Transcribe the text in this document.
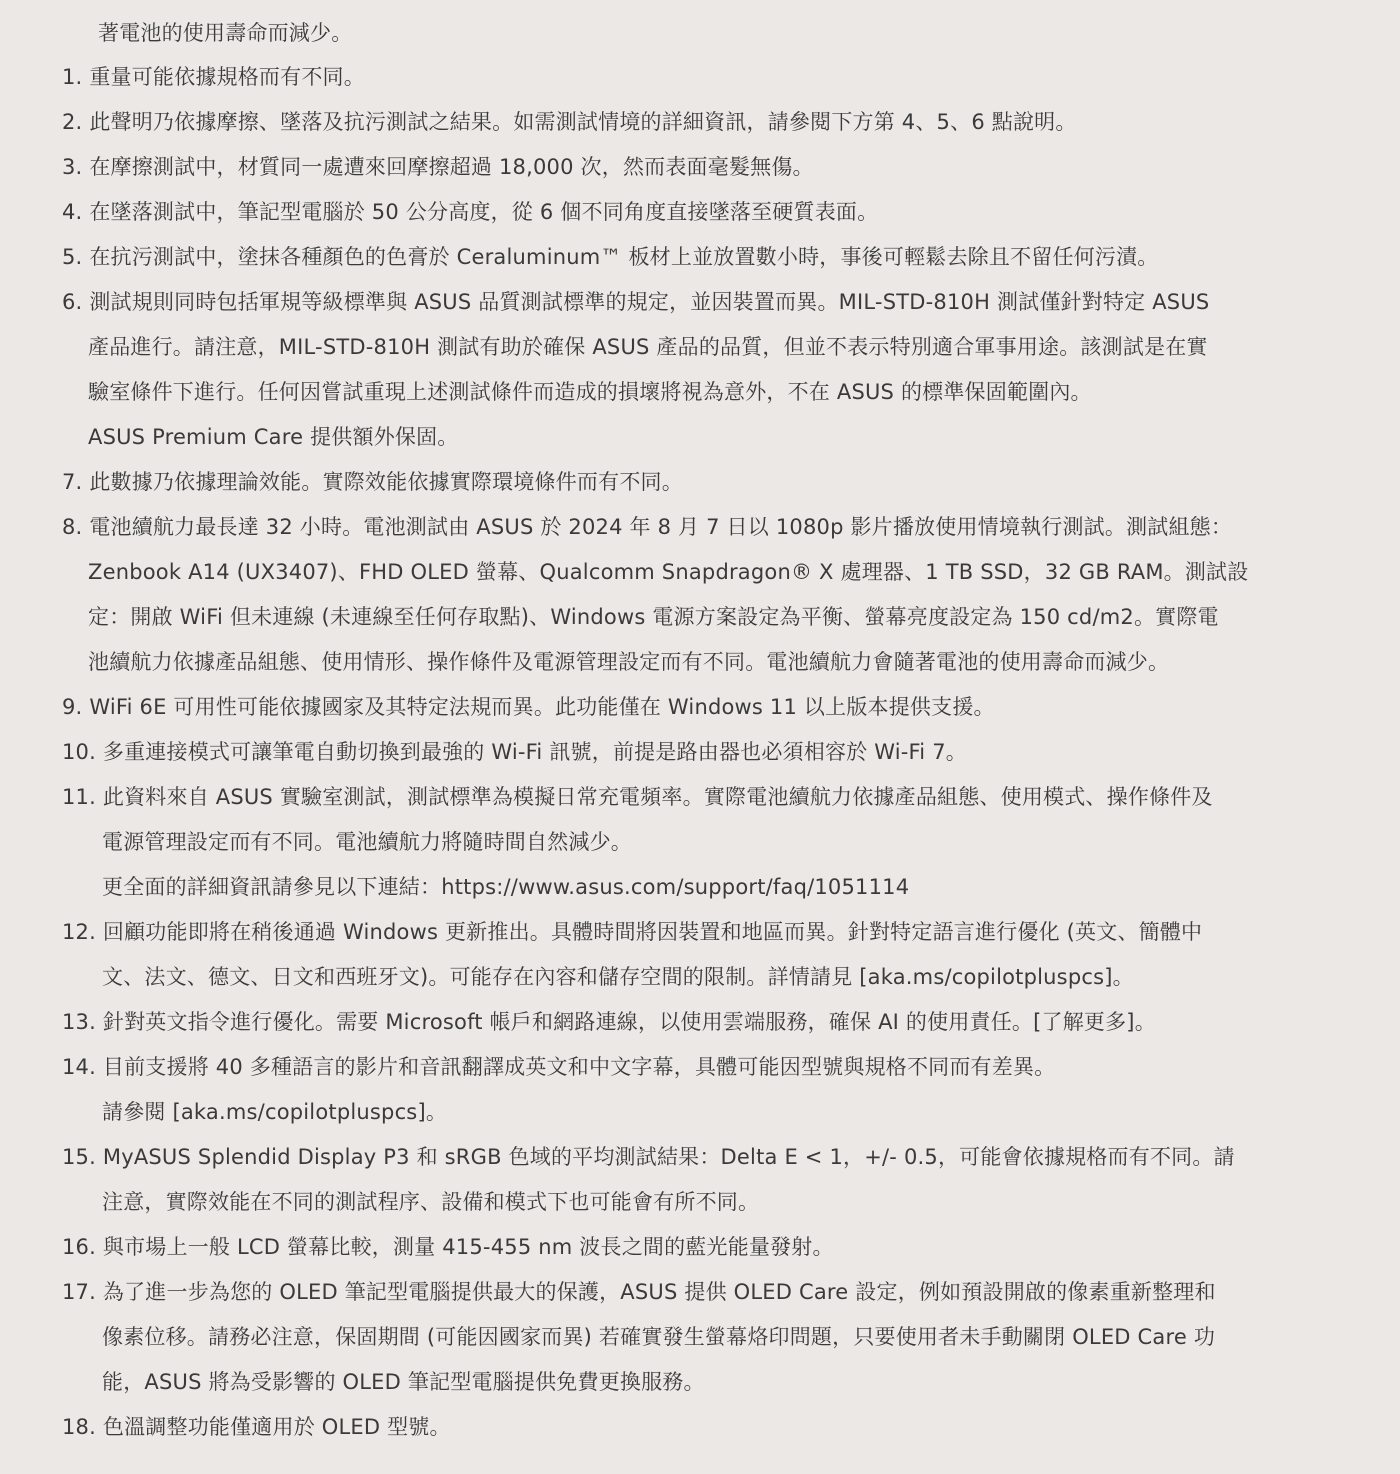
著電池的使用壽命而減少。
1. 重量可能依據規格而有不同。
2. 此聲明乃依據摩擦、墜落及抗污測試之結果。如需測試情境的詳細資訊，請參閱下方第 4、5、6 點說明。
3. 在摩擦測試中，材質同一處遭來回摩擦超過 18,000 次，然而表面毫髮無傷。
4. 在墜落測試中，筆記型電腦於 50 公分高度，從 6 個不同角度直接墜落至硬質表面。
5. 在抗污測試中，塗抹各種顏色的色膏於 Ceraluminum™ 板材上並放置數小時，事後可輕鬆去除且不留任何污漬。
6. 測試規則同時包括軍規等級標準與 ASUS 品質測試標準的規定，並因裝置而異。MIL-STD-810H 測試僅針對特定 ASUS
產品進行。請注意，MIL-STD-810H 測試有助於確保 ASUS 產品的品質，但並不表示特別適合軍事用途。該測試是在實
驗室條件下進行。任何因嘗試重現上述測試條件而造成的損壞將視為意外，不在 ASUS 的標準保固範圍內。
ASUS Premium Care 提供額外保固。
7. 此數據乃依據理論效能。實際效能依據實際環境條件而有不同。
8. 電池續航力最長達 32 小時。電池測試由 ASUS 於 2024 年 8 月 7 日以 1080p 影片播放使用情境執行測試。測試組態：
Zenbook A14 (UX3407)、FHD OLED 螢幕、Qualcomm Snapdragon® X 處理器、1 TB SSD，32 GB RAM。測試設
定：開啟 WiFi 但未連線 (未連線至任何存取點)、Windows 電源方案設定為平衡、螢幕亮度設定為 150 cd/m2。實際電
池續航力依據產品組態、使用情形、操作條件及電源管理設定而有不同。電池續航力會隨著電池的使用壽命而減少。
9. WiFi 6E 可用性可能依據國家及其特定法規而異。此功能僅在 Windows 11 以上版本提供支援。
10. 多重連接模式可讓筆電自動切換到最強的 Wi-Fi 訊號，前提是路由器也必須相容於 Wi-Fi 7。
11. 此資料來自 ASUS 實驗室測試，測試標準為模擬日常充電頻率。實際電池續航力依據產品組態、使用模式、操作條件及
電源管理設定而有不同。電池續航力將隨時間自然減少。
更全面的詳細資訊請參見以下連結：https://www.asus.com/support/faq/1051114
12. 回顧功能即將在稍後通過 Windows 更新推出。具體時間將因裝置和地區而異。針對特定語言進行優化 (英文、簡體中
文、法文、德文、日文和西班牙文)。可能存在內容和儲存空間的限制。詳情請見 [aka.ms/copilotpluspcs]。
13. 針對英文指令進行優化。需要 Microsoft 帳戶和網路連線，以使用雲端服務，確保 AI 的使用責任。[了解更多]。
14. 目前支援將 40 多種語言的影片和音訊翻譯成英文和中文字幕，具體可能因型號與規格不同而有差異。
請參閱 [aka.ms/copilotpluspcs]。
15. MyASUS Splendid Display P3 和 sRGB 色域的平均測試結果：Delta E < 1，+/- 0.5，可能會依據規格而有不同。請
注意，實際效能在不同的測試程序、設備和模式下也可能會有所不同。
16. 與市場上一般 LCD 螢幕比較，測量 415-455 nm 波長之間的藍光能量發射。
17. 為了進一步為您的 OLED 筆記型電腦提供最大的保護，ASUS 提供 OLED Care 設定，例如預設開啟的像素重新整理和
像素位移。請務必注意，保固期間 (可能因國家而異) 若確實發生螢幕烙印問題，只要使用者未手動關閉 OLED Care 功
能，ASUS 將為受影響的 OLED 筆記型電腦提供免費更換服務。
18. 色溫調整功能僅適用於 OLED 型號。
